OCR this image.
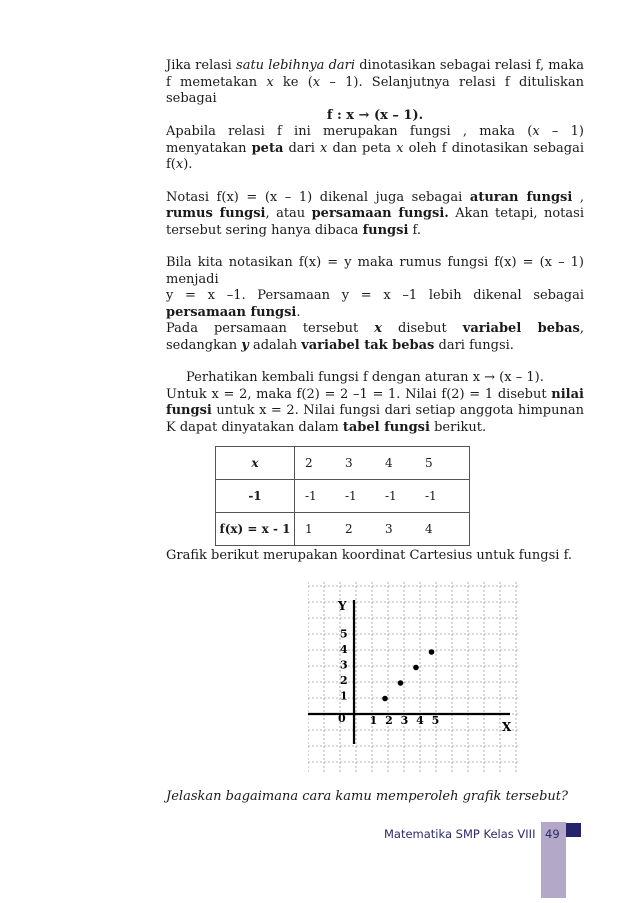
Jika relasi satu lebihnya dari dinotasikan sebagai relasi f, maka f memetakan x ke (x – 1). Selanjutnya relasi f dituliskan sebagai

f : x → (x – 1).

Apabila relasi f ini merupakan fungsi , maka (x – 1) menyatakan peta dari x dan peta x oleh f dinotasikan sebagai f(x).

Notasi f(x) = (x – 1) dikenal juga sebagai aturan fungsi , rumus fungsi, atau persamaan fungsi. Akan tetapi, notasi tersebut sering hanya dibaca fungsi f.

Bila kita notasikan f(x) = y maka rumus fungsi f(x) = (x – 1) menjadi

y = x –1. Persamaan y = x –1 lebih dikenal sebagai persamaan fungsi.

Pada persamaan tersebut x disebut variabel bebas, sedangkan y adalah variabel tak bebas dari fungsi.

Perhatikan kembali fungsi f dengan aturan x → (x – 1).

Untuk x = 2, maka f(2) = 2 –1 = 1. Nilai f(2) = 1 disebut nilai fungsi untuk x = 2. Nilai fungsi dari setiap anggota himpunan K dapat dinyatakan dalam tabel fungsi berikut.

x	2 3 4 5
-1	-1 -1 -1 -1
f(x) = x - 1	1 2 3 4

Grafik berikut merupakan koordinat Cartesius untuk fungsi f.

X
Y
0 1 2 3 4 5
1
2
3
4
5
Jelaskan bagaimana cara kamu memperoleh grafik tersebut?
Matematika SMP Kelas VIII 49
